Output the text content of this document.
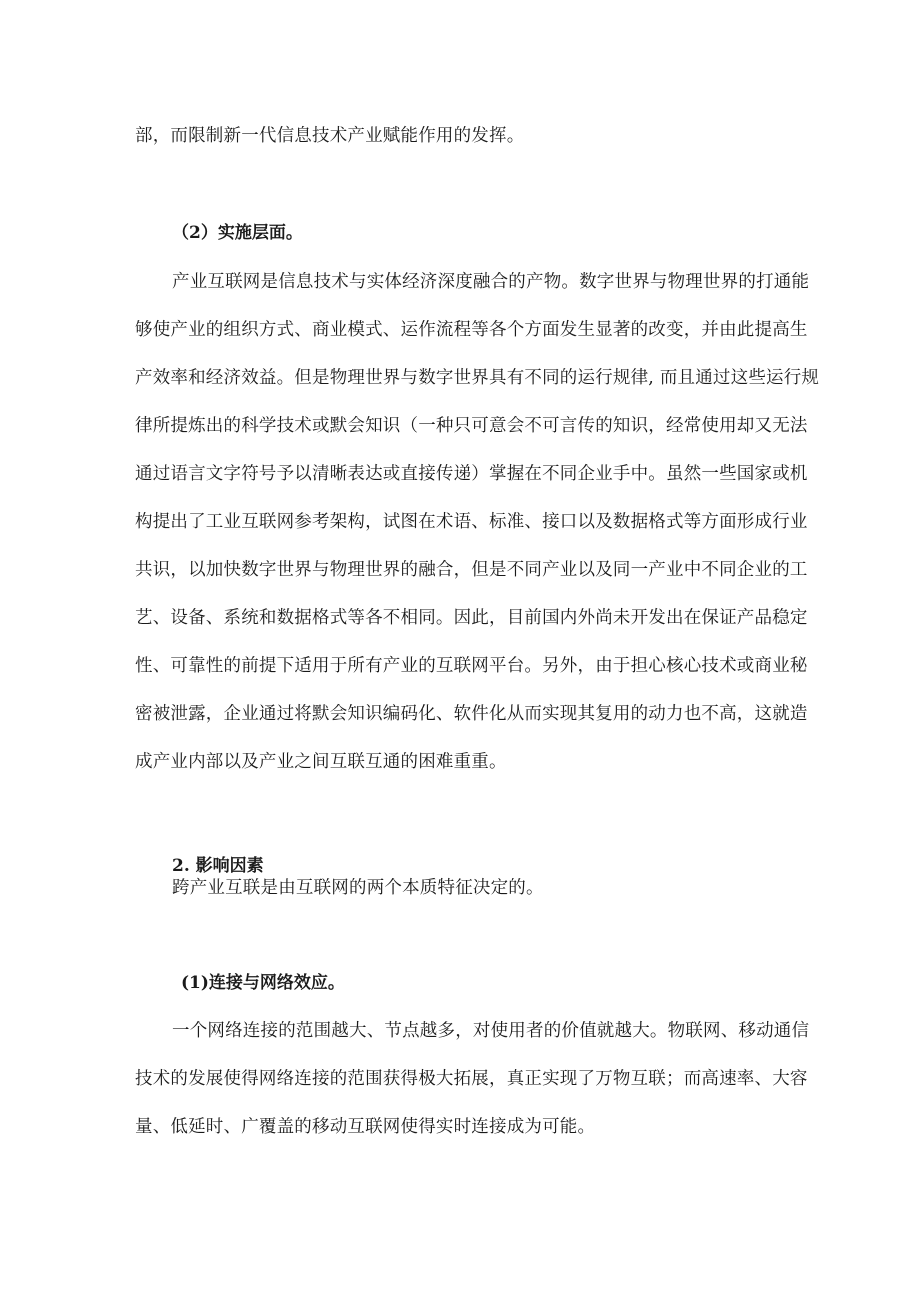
部，而限制新一代信息技术产业赋能作用的发挥。
（2）实施层面。
产业互联网是信息技术与实体经济深度融合的产物。数字世界与物理世界的打通能
够使产业的组织方式、商业模式、运作流程等各个方面发生显著的改变，并由此提高生
产效率和经济效益。但是物理世界与数字世界具有不同的运行规律, 而且通过这些运行规
律所提炼出的科学技术或默会知识（一种只可意会不可言传的知识，经常使用却又无法
通过语言文字符号予以清晰表达或直接传递）掌握在不同企业手中。虽然一些国家或机
构提出了工业互联网参考架构，试图在术语、标准、接口以及数据格式等方面形成行业
共识，以加快数字世界与物理世界的融合，但是不同产业以及同一产业中不同企业的工
艺、设备、系统和数据格式等各不相同。因此，目前国内外尚未开发出在保证产品稳定
性、可靠性的前提下适用于所有产业的互联网平台。另外，由于担心核心技术或商业秘
密被泄露，企业通过将默会知识编码化、软件化从而实现其复用的动力也不高，这就造
成产业内部以及产业之间互联互通的困难重重。
2. 影响因素
跨产业互联是由互联网的两个本质特征决定的。
(1)连接与网络效应。
一个网络连接的范围越大、节点越多，对使用者的价值就越大。物联网、移动通信
技术的发展使得网络连接的范围获得极大拓展，真正实现了万物互联；而高速率、大容
量、低延时、广覆盖的移动互联网使得实时连接成为可能。
